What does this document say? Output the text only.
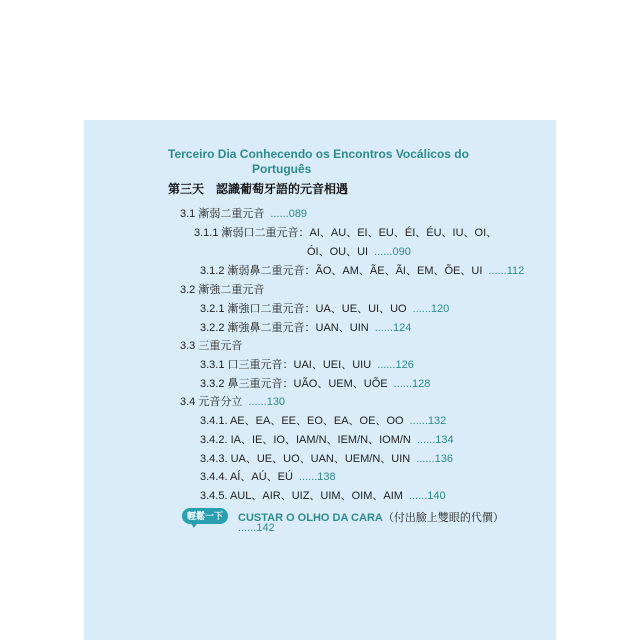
Terceiro Dia Conhecendo os Encontros Vocálicos do
Português
第三天　認識葡萄牙語的元音相遇
3.1 漸弱二重元音 ......089
3.1.1 漸弱口二重元音：AI、AU、EI、EU、ÉI、ÉU、IU、OI、
ÓI、OU、UI ......090
3.1.2 漸弱鼻二重元音：ÃO、AM、ÃE、ÃI、EM、ÕE、UI ......112
3.2 漸強二重元音
3.2.1 漸強口二重元音：UA、UE、UI、UO ......120
3.2.2 漸強鼻二重元音：UAN、UIN ......124
3.3 三重元音
3.3.1 口三重元音：UAI、UEI、UIU ......126
3.3.2 鼻三重元音：UÃO、UEM、UÕE ......128
3.4 元音分立 ......130
3.4.1. AE、EA、EE、EO、EA、OE、OO ......132
3.4.2. IA、IE、IO、IAM/N、IEM/N、IOM/N ......134
3.4.3. UA、UE、UO、UAN、UEM/N、UIN ......136
3.4.4. AÍ、AÚ、EÚ ......138
3.4.5. AUL、AIR、UIZ、UIM、OIM、AIM ......140
輕鬆一下	CUSTAR O OLHO DA CARA（付出臉上雙眼的代價）
......142
